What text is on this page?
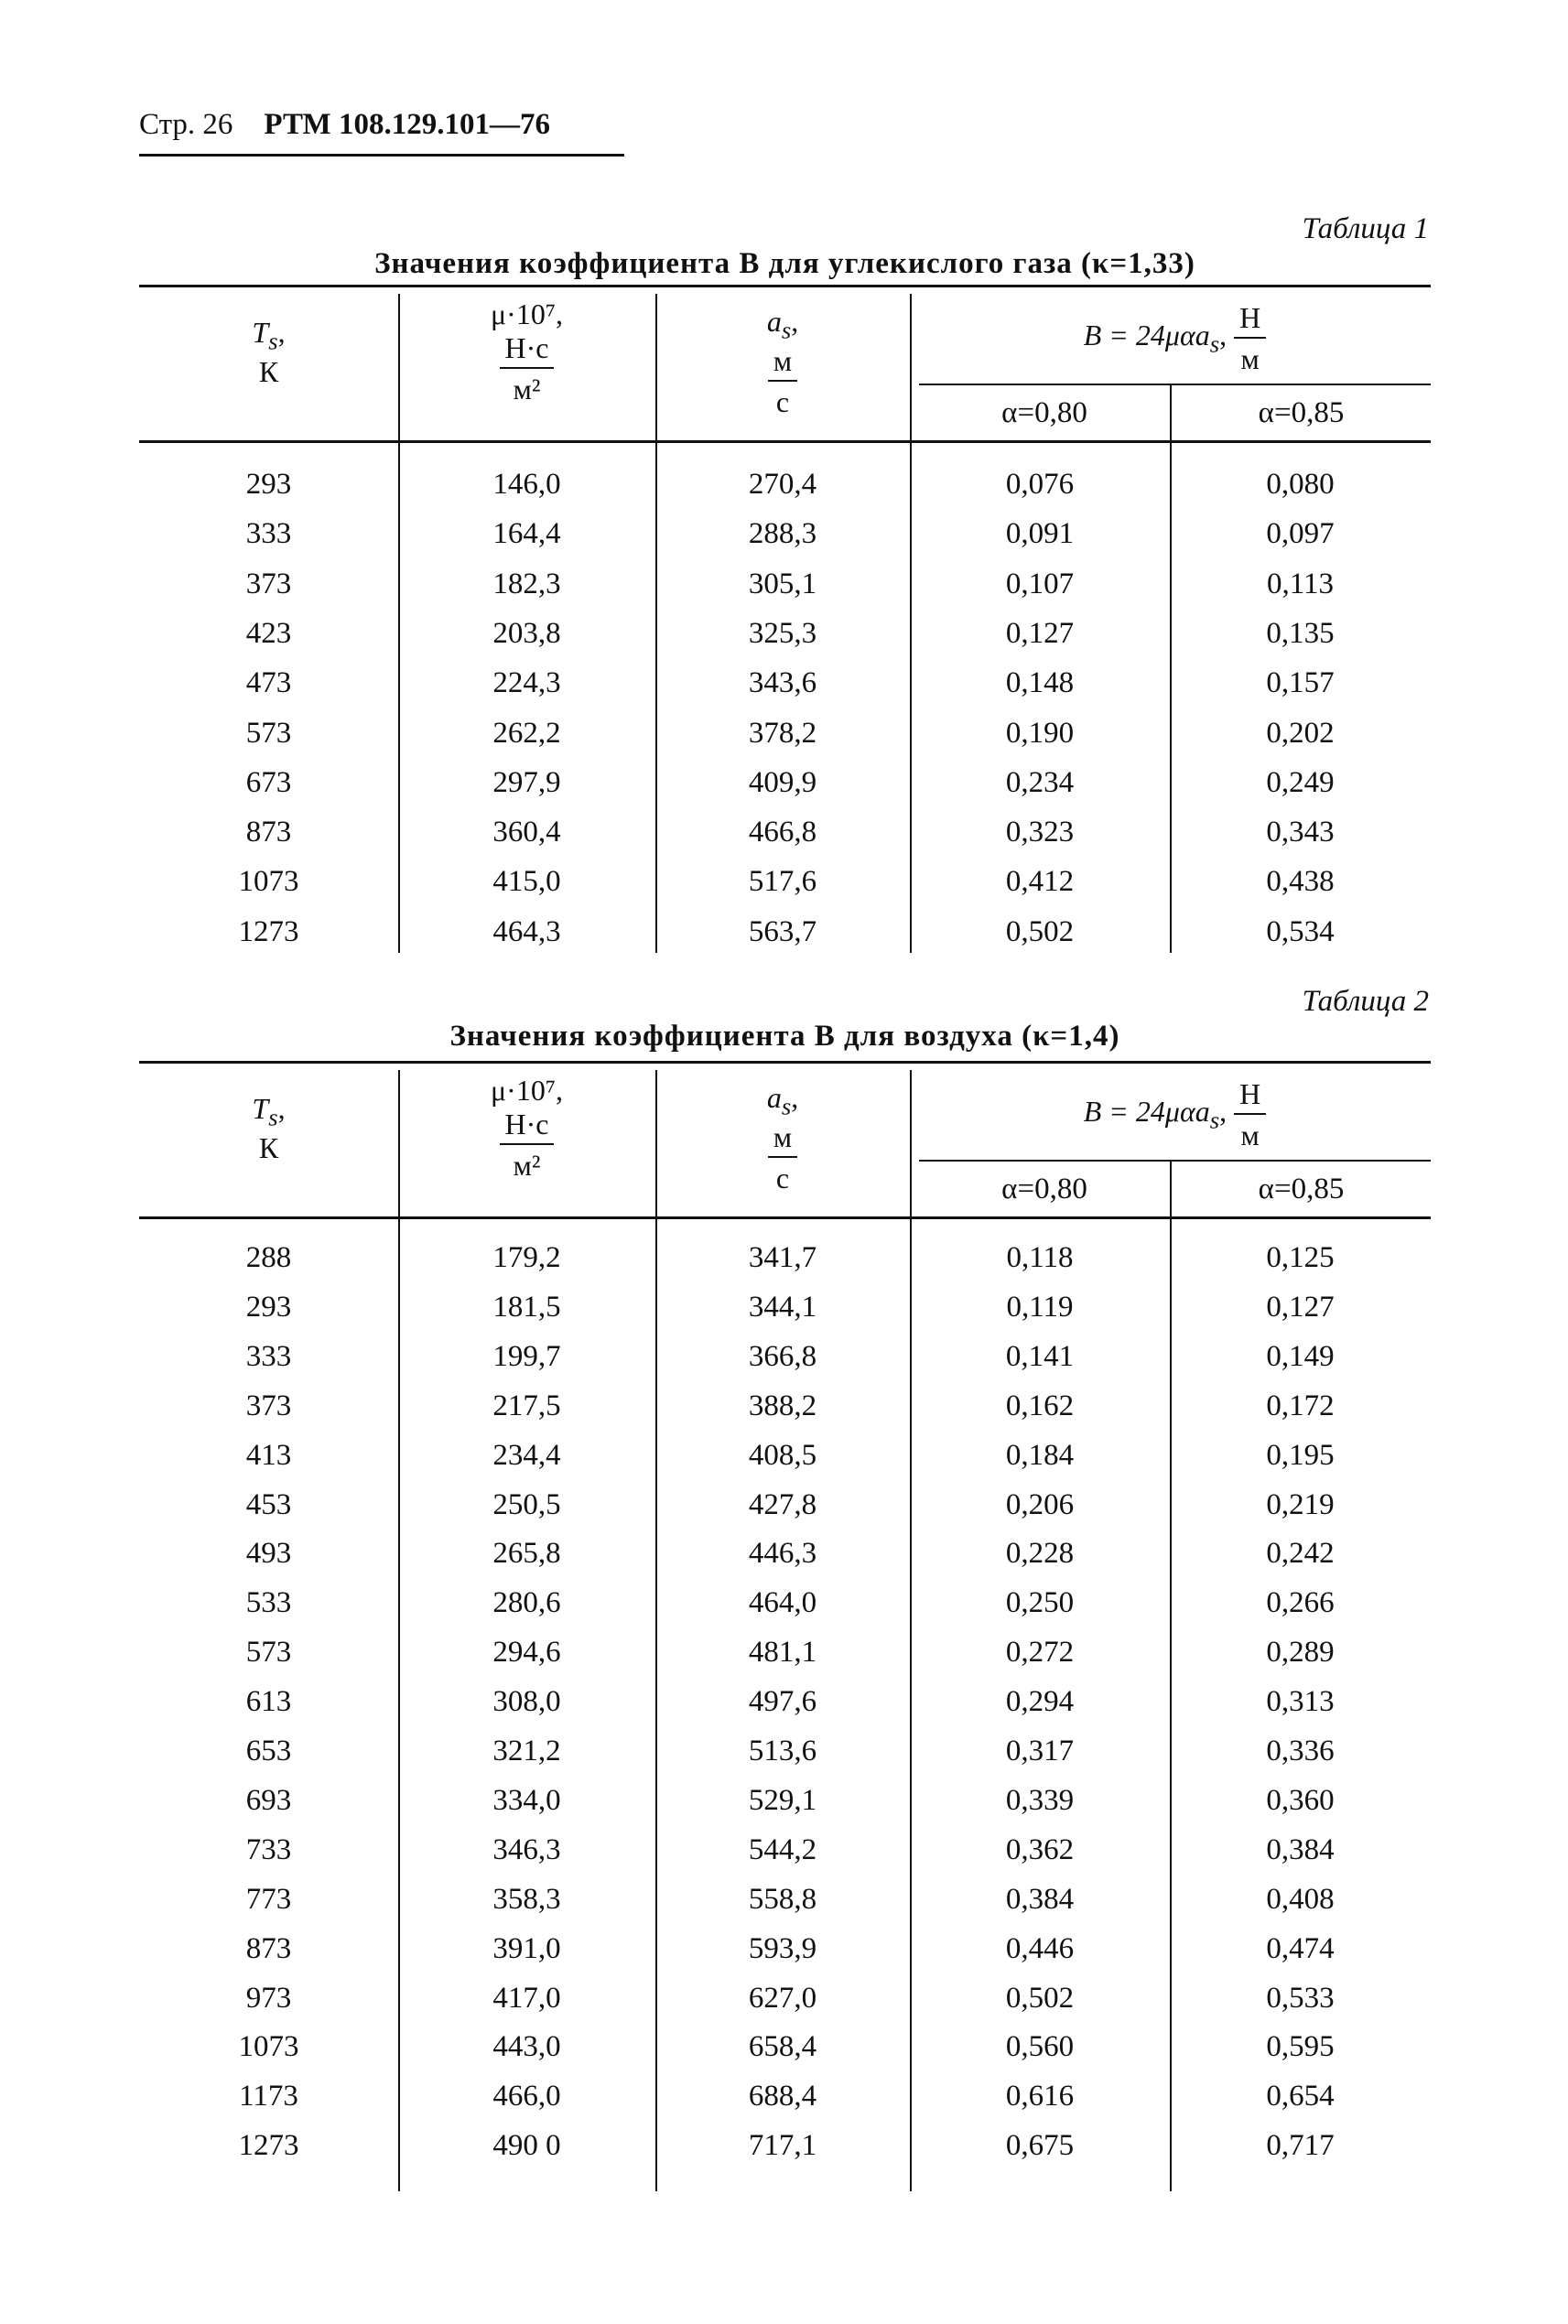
Стр. 26 РТМ 108.129.101—76
Таблица 1
Значения коэффициента B для углекислого газа (κ=1,33)
$T_s$,
К
μ·10⁷,

$\frac{Н\cdot с}{\text{м²}}$
$a_s$,

$\frac{м}{с}$
B = 24μαa$_s$, $\frac{Н}{м}$
α=0,80	α=0,85
293	146,0	270,4	0,076	0,080
333	164,4	288,3	0,091	0,097
373	182,3	305,1	0,107	0,113
423	203,8	325,3	0,127	0,135
473	224,3	343,6	0,148	0,157
573	262,2	378,2	0,190	0,202
673	297,9	409,9	0,234	0,249
873	360,4	466,8	0,323	0,343
1073	415,0	517,6	0,412	0,438
1273	464,3	563,7	0,502	0,534
Таблица 2
Значения коэффициента B для воздуха (κ=1,4)
$T_s$,
К
μ·10⁷,

$\frac{Н\cdot с}{\text{м²}}$
$a_s$,

$\frac{м}{с}$
B = 24μαa$_s$, $\frac{Н}{м}$
α=0,80	α=0,85
288	179,2	341,7	0,118	0,125
293	181,5	344,1	0,119	0,127
333	199,7	366,8	0,141	0,149
373	217,5	388,2	0,162	0,172
413	234,4	408,5	0,184	0,195
453	250,5	427,8	0,206	0,219
493	265,8	446,3	0,228	0,242
533	280,6	464,0	0,250	0,266
573	294,6	481,1	0,272	0,289
613	308,0	497,6	0,294	0,313
653	321,2	513,6	0,317	0,336
693	334,0	529,1	0,339	0,360
733	346,3	544,2	0,362	0,384
773	358,3	558,8	0,384	0,408
873	391,0	593,9	0,446	0,474
973	417,0	627,0	0,502	0,533
1073	443,0	658,4	0,560	0,595
1173	466,0	688,4	0,616	0,654
1273	490 0	717,1	0,675	0,717
